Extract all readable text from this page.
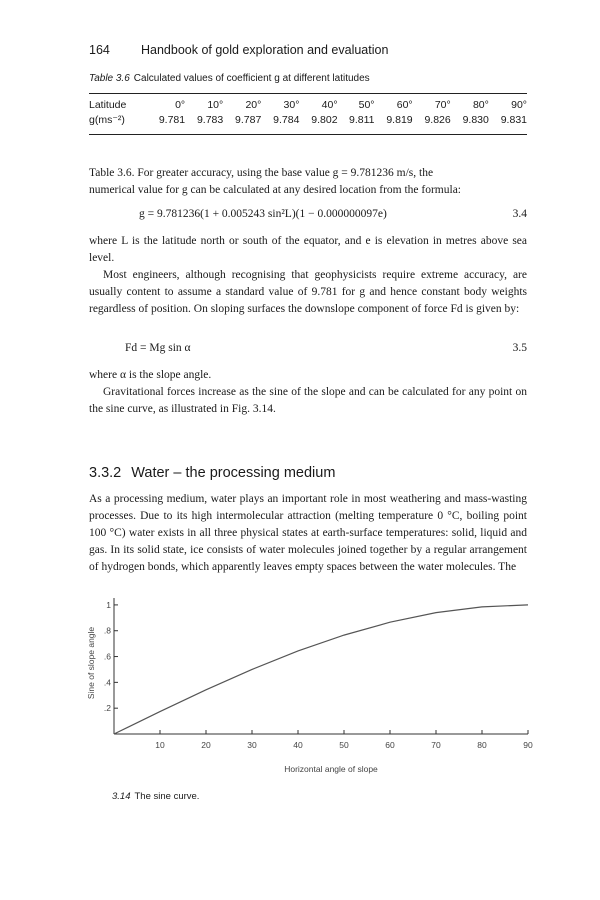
164 Handbook of gold exploration and evaluation
Table 3.6 Calculated values of coefficient g at different latitudes
Latitude	0°	10°	20°	30°	40°	50°	60°	70°	80°	90°
g(ms⁻²)	9.781	9.783	9.787	9.784	9.802	9.811	9.819	9.826	9.830	9.831

Table 3.6. For greater accuracy, using the base value g = 9.781236 m/s, the

numerical value for g can be calculated at any desired location from the formula:

g = 9.781236(1 + 0.005243 sin²L)(1 − 0.000000097e)	3.4

where L is the latitude north or south of the equator, and e is elevation in metres above sea level.

Most engineers, although recognising that geophysicists require extreme accuracy, are usually content to assume a standard value of 9.781 for g and hence constant body weights regardless of position. On sloping surfaces the downslope component of force Fd is given by:

Fd = Mg sin α	3.5

where α is the slope angle.

Gravitational forces increase as the sine of the slope and can be calculated for any point on the sine curve, as illustrated in Fig. 3.14.

3.3.2 Water – the processing medium

As a processing medium, water plays an important role in most weathering and mass-wasting processes. Due to its high intermolecular attraction (melting temperature 0 °C, boiling point 100 °C) water exists in all three physical states at earth-surface temperatures: solid, liquid and gas. In its solid state, ice consists of water molecules joined together by a regular arrangement of hydrogen bonds, which apparently leaves empty spaces between the water molecules. The

10	20	30	40	50	60	70	80	90
.2
.4
.6
.8
1
Horizontal angle of slope
Sine of slope angle
3.14 The sine curve.
